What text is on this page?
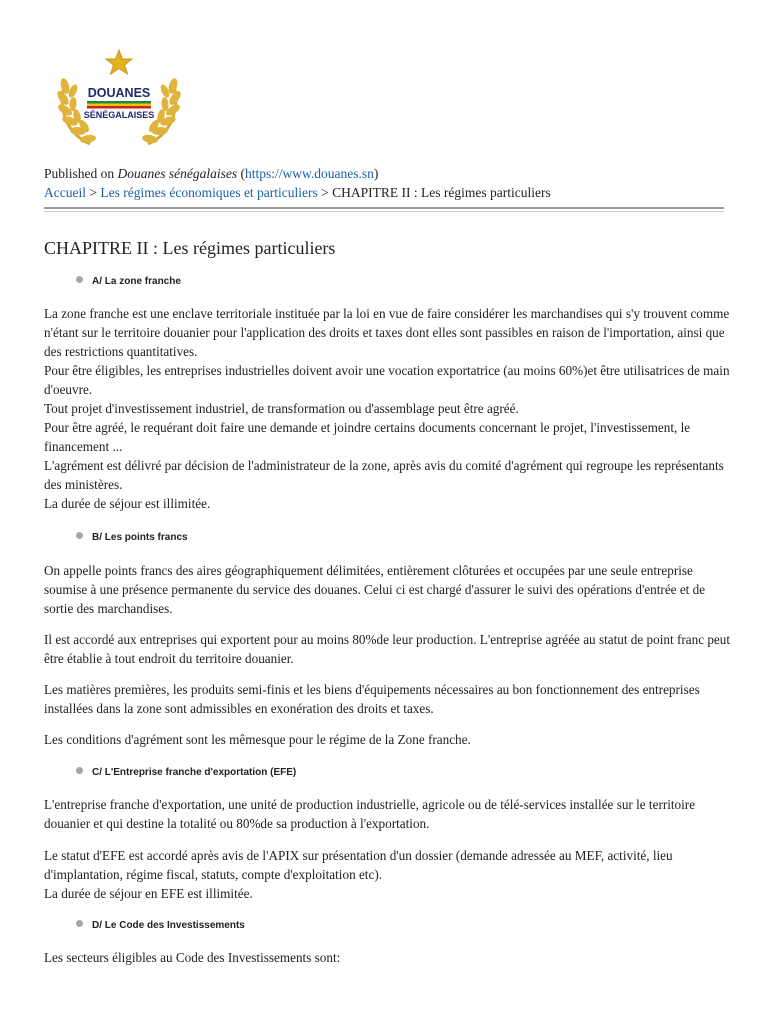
DOUANES
SÉNÉGALAISES
Published on Douanes sénégalaises (https://www.douanes.sn)
Accueil > Les régimes économiques et particuliers > CHAPITRE II : Les régimes particuliers
CHAPITRE II : Les régimes particuliers
A/ La zone franche
La zone franche est une enclave territoriale instituée par la loi en vue de faire considérer les marchandises qui s'y trouvent comme n'étant sur le territoire douanier pour l'application des droits et taxes dont elles sont passibles en raison de l'importation, ainsi que des restrictions quantitatives.
Pour être éligibles, les entreprises industrielles doivent avoir une vocation exportatrice (au moins 60%)et être utilisatrices de main d'oeuvre.
Tout projet d'investissement industriel, de transformation ou d'assemblage peut être agréé.
Pour être agréé, le requérant doit faire une demande et joindre certains documents concernant le projet, l'investissement, le financement ...
L'agrément est délivré par décision de l'administrateur de la zone, après avis du comité d'agrément qui regroupe les représentants des ministères.
La durée de séjour est illimitée.
B/ Les points francs

On appelle points francs des aires géographiquement délimitées, entièrement clôturées et occupées par une seule entreprise soumise à une présence permanente du service des douanes. Celui ci est chargé d'assurer le suivi des opérations d'entrée et de sortie des marchandises.

Il est accordé aux entreprises qui exportent pour au moins 80%de leur production. L'entreprise agréée au statut de point franc peut être établie à tout endroit du territoire douanier.

Les matières premières, les produits semi-finis et les biens d'équipements nécessaires au bon fonctionnement des entreprises installées dans la zone sont admissibles en exonération des droits et taxes.

Les conditions d'agrément sont les mêmesque pour le régime de la Zone franche.

C/ L'Entreprise franche d'exportation (EFE)

L'entreprise franche d'exportation, une unité de production industrielle, agricole ou de télé-services installée sur le territoire douanier et qui destine la totalité ou 80%de sa production à l'exportation.

Le statut d'EFE est accordé après avis de l'APIX sur présentation d'un dossier (demande adressée au MEF, activité, lieu d'implantation, régime fiscal, statuts, compte d'exploitation etc).
La durée de séjour en EFE est illimitée.
D/ Le Code des Investissements

Les secteurs éligibles au Code des Investissements sont:
